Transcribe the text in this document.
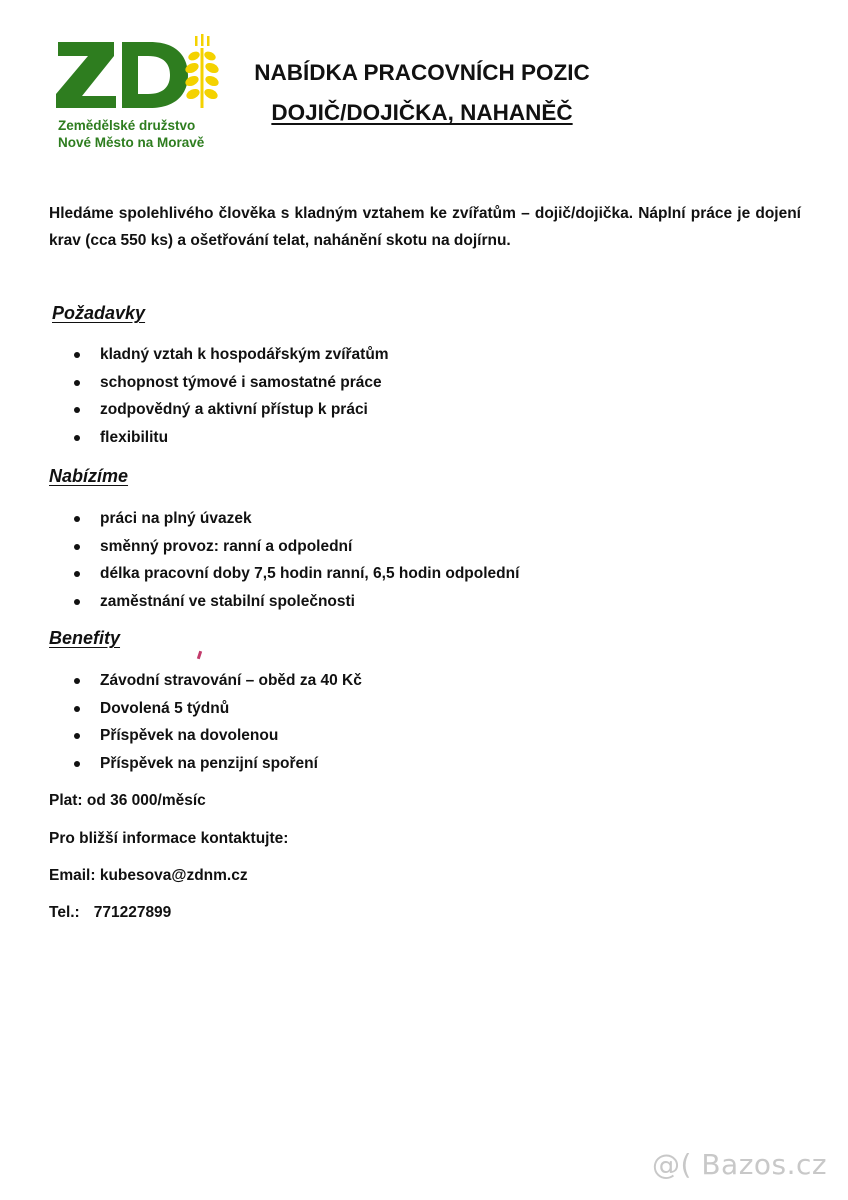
Zemědělské družstvo
Nové Město na Moravě
NABÍDKA PRACOVNÍCH POZIC
DOJIČ/DOJIČKA, NAHANĚČ
Hledáme spolehlivého člověka s kladným vztahem ke zvířatům – dojič/dojička. Náplní práce je dojení krav (cca 550 ks) a ošetřování telat, nahánění skotu na dojírnu.
Požadavky
kladný vztah k hospodářským zvířatům
schopnost týmové i samostatné práce
zodpovědný a aktivní přístup k práci
flexibilitu
Nabízíme
práci na plný úvazek
směnný provoz: ranní a odpolední
délka pracovní doby 7,5 hodin ranní, 6,5 hodin odpolední
zaměstnání ve stabilní společnosti
Benefity
Závodní stravování – oběd za 40 Kč
Dovolená 5 týdnů
Příspěvek na dovolenou
Příspěvek na penzijní spoření
Plat: od 36 000/měsíc
Pro bližší informace kontaktujte:
Email: kubesova@zdnm.cz
Tel.: 771227899
@( Bazos.cz
